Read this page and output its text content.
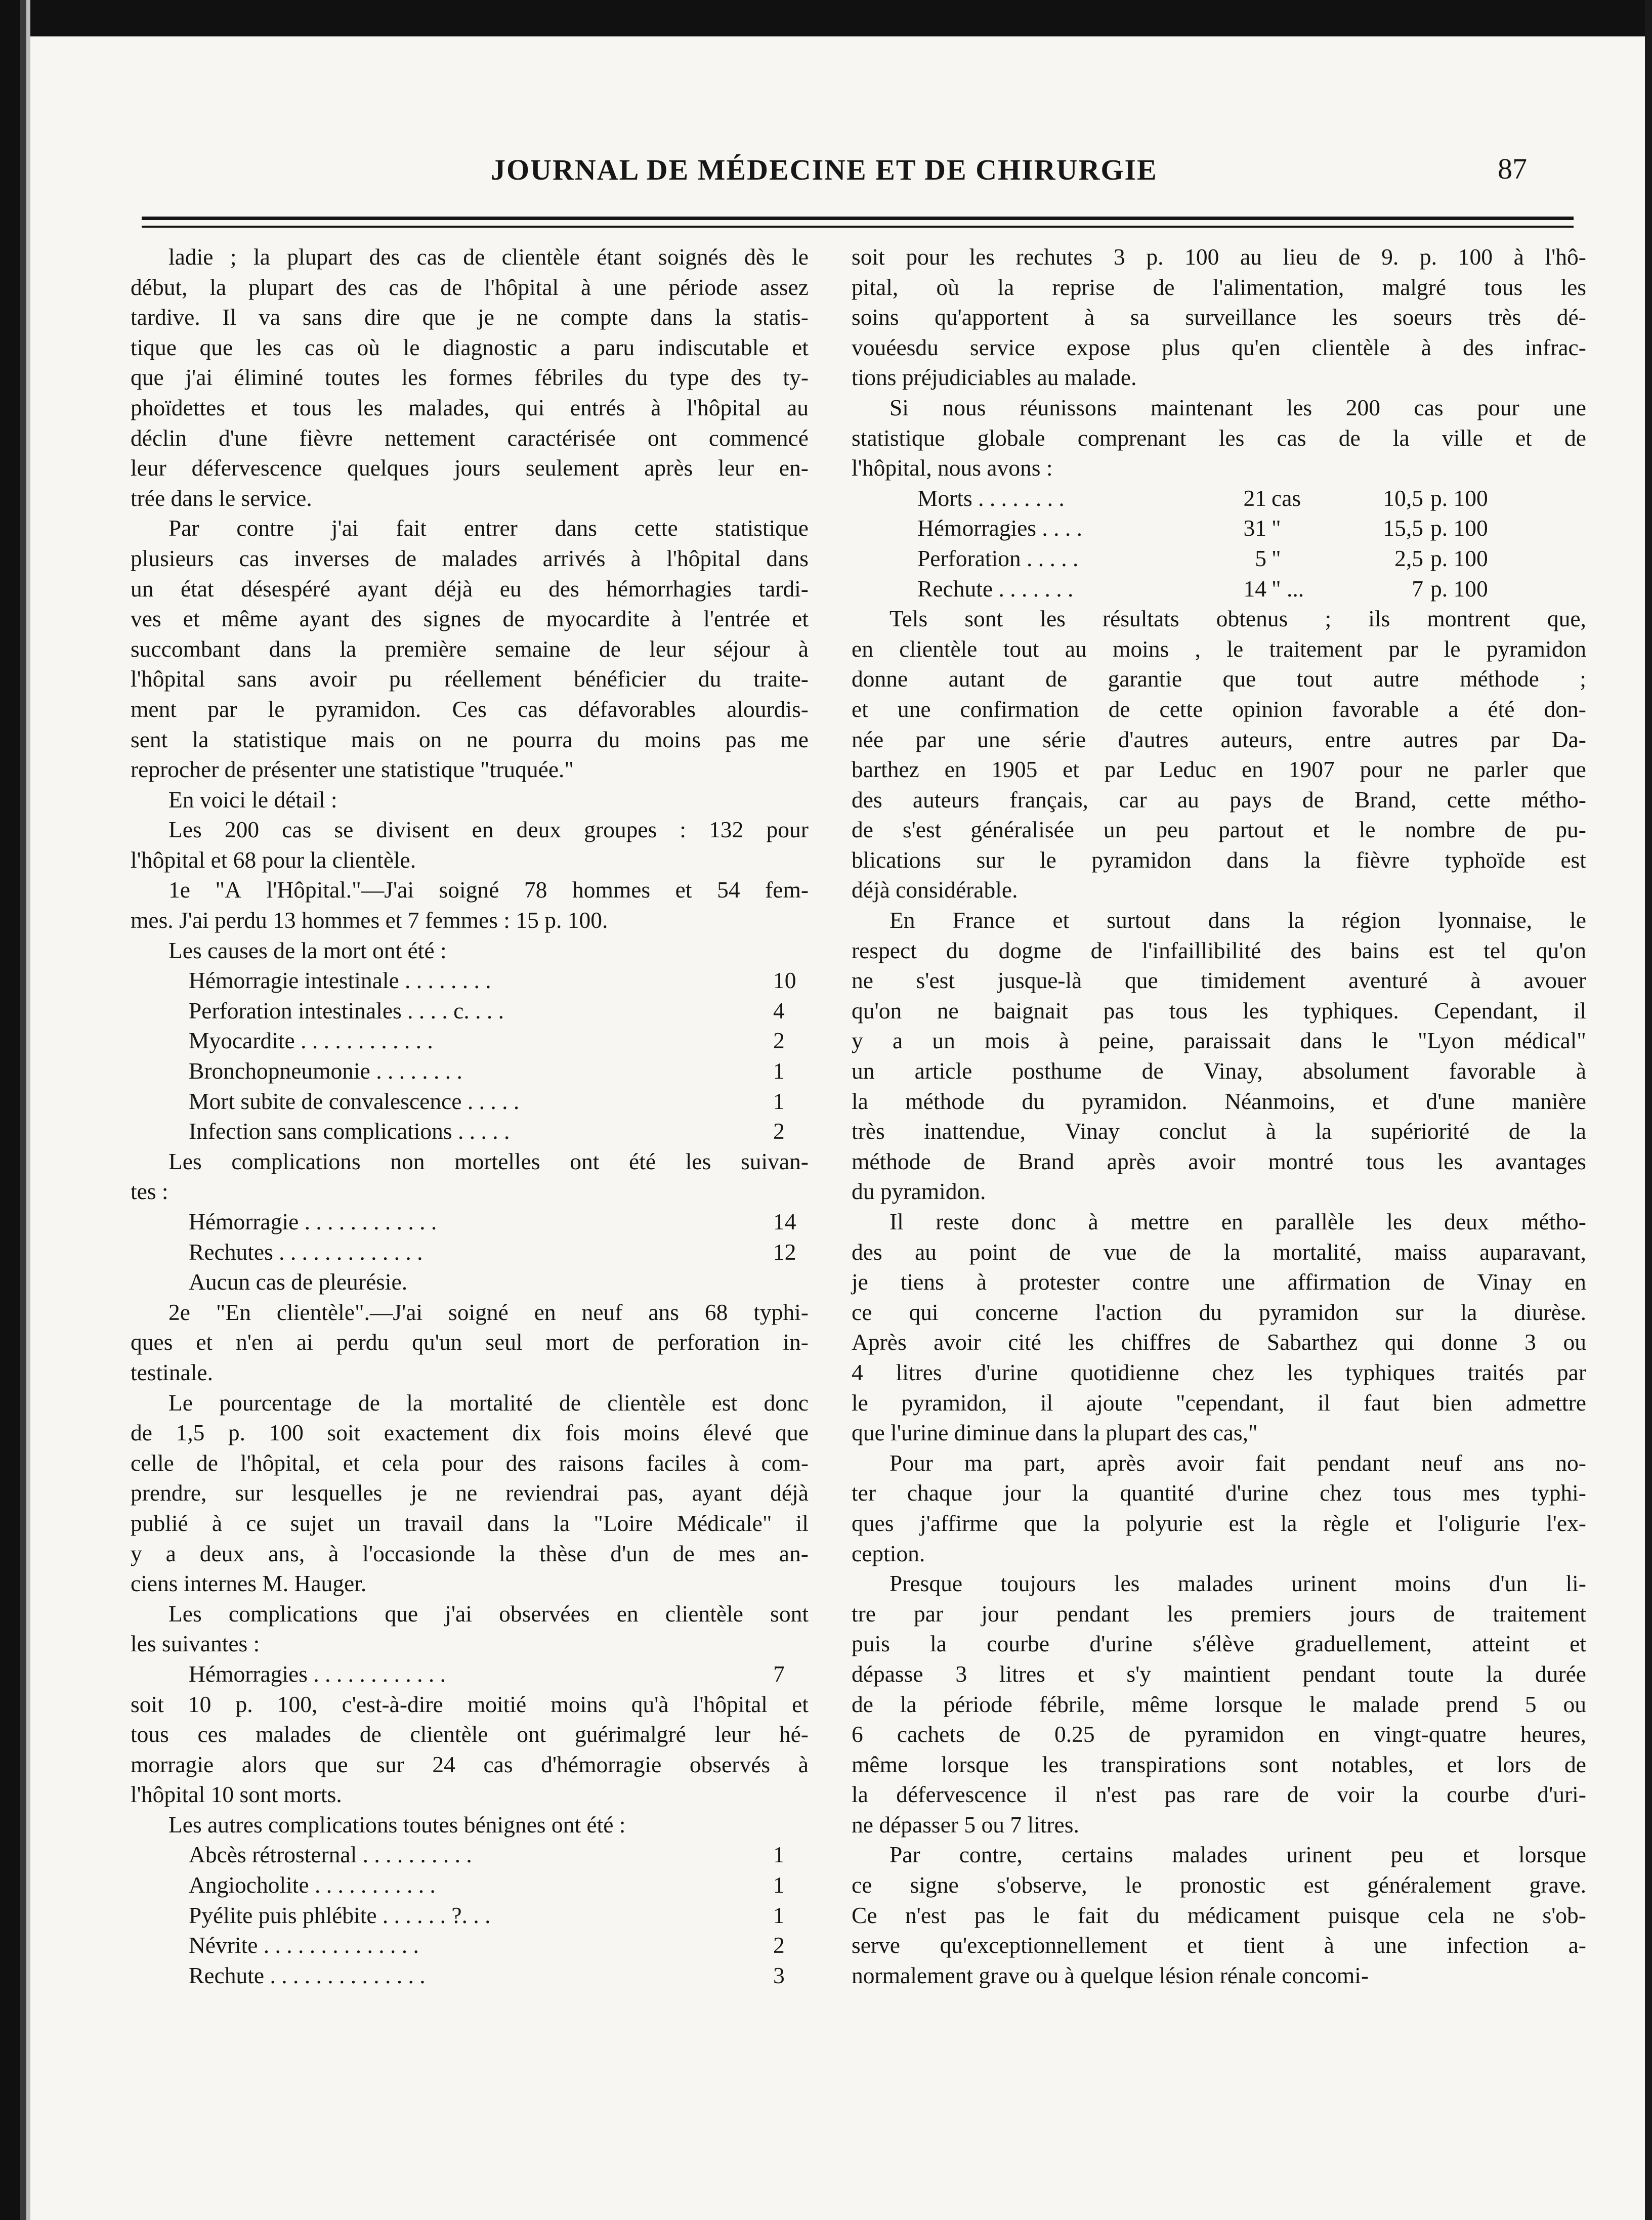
JOURNAL DE MÉDECINE ET DE CHIRURGIE	87
ladie ; la plupart des cas de clientèle étant soignés dès le
début, la plupart des cas de l'hôpital à une période assez
tardive. Il va sans dire que je ne compte dans la statis-
tique que les cas où le diagnostic a paru indiscutable et
que j'ai éliminé toutes les formes fébriles du type des ty-
phoïdettes et tous les malades, qui entrés à l'hôpital au
déclin d'une fièvre nettement caractérisée ont commencé
leur défervescence quelques jours seulement après leur en-
trée dans le service.
Par contre j'ai fait entrer dans cette statistique
plusieurs cas inverses de malades arrivés à l'hôpital dans
un état désespéré ayant déjà eu des hémorrhagies tardi-
ves et même ayant des signes de myocardite à l'entrée et
succombant dans la première semaine de leur séjour à
l'hôpital sans avoir pu réellement bénéficier du traite-
ment par le pyramidon. Ces cas défavorables alourdis-
sent la statistique mais on ne pourra du moins pas me
reprocher de présenter une statistique "truquée."
En voici le détail :
Les 200 cas se divisent en deux groupes : 132 pour
l'hôpital et 68 pour la clientèle.
1e "A l'Hôpital."—J'ai soigné 78 hommes et 54 fem-
mes. J'ai perdu 13 hommes et 7 femmes : 15 p. 100.
Les causes de la mort ont été :
Hémorragie intestinale . . . . . . . .	10
Perforation intestinales . . . . c. . . .	4
Myocardite . . . . . . . . . . . .	2
Bronchopneumonie . . . . . . . .	1
Mort subite de convalescence . . . . .	1
Infection sans complications . . . . .	2
Les complications non mortelles ont été les suivan-
tes :
Hémorragie . . . . . . . . . . . .	14
Rechutes . . . . . . . . . . . . .	12
Aucun cas de pleurésie.
2e "En clientèle".—J'ai soigné en neuf ans 68 typhi-
ques et n'en ai perdu qu'un seul mort de perforation in-
testinale.
Le pourcentage de la mortalité de clientèle est donc
de 1,5 p. 100 soit exactement dix fois moins élevé que
celle de l'hôpital, et cela pour des raisons faciles à com-
prendre, sur lesquelles je ne reviendrai pas, ayant déjà
publié à ce sujet un travail dans la "Loire Médicale" il
y a deux ans, à l'occasionde la thèse d'un de mes an-
ciens internes M. Hauger.
Les complications que j'ai observées en clientèle sont
les suivantes :
Hémorragies . . . . . . . . . . . .	7
soit 10 p. 100, c'est-à-dire moitié moins qu'à l'hôpital et
tous ces malades de clientèle ont guérimalgré leur hé-
morragie alors que sur 24 cas d'hémorragie observés à
l'hôpital 10 sont morts.
Les autres complications toutes bénignes ont été :
Abcès rétrosternal . . . . . . . . . .	1
Angiocholite . . . . . . . . . . .	1
Pyélite puis phlébite . . . . . . ?. . .	1
Névrite . . . . . . . . . . . . . .	2
Rechute . . . . . . . . . . . . . .	3
soit pour les rechutes 3 p. 100 au lieu de 9. p. 100 à l'hô-
pital, où la reprise de l'alimentation, malgré tous les
soins qu'apportent à sa surveillance les soeurs très dé-
vouéesdu service expose plus qu'en clientèle à des infrac-
tions préjudiciables au malade.
Si nous réunissons maintenant les 200 cas pour une
statistique globale comprenant les cas de la ville et de
l'hôpital, nous avons :
Morts . . . . . . . .	21 cas	10,5 p. 100
Hémorragies . . . .	31 "	15,5 p. 100
Perforation . . . . .	5 "	2,5 p. 100
Rechute . . . . . . .	14 " ...	7 p. 100
Tels sont les résultats obtenus ; ils montrent que,
en clientèle tout au moins , le traitement par le pyramidon
donne autant de garantie que tout autre méthode ;
et une confirmation de cette opinion favorable a été don-
née par une série d'autres auteurs, entre autres par Da-
barthez en 1905 et par Leduc en 1907 pour ne parler que
des auteurs français, car au pays de Brand, cette métho-
de s'est généralisée un peu partout et le nombre de pu-
blications sur le pyramidon dans la fièvre typhoïde est
déjà considérable.
En France et surtout dans la région lyonnaise, le
respect du dogme de l'infaillibilité des bains est tel qu'on
ne s'est jusque-là que timidement aventuré à avouer
qu'on ne baignait pas tous les typhiques. Cependant, il
y a un mois à peine, paraissait dans le "Lyon médical"
un article posthume de Vinay, absolument favorable à
la méthode du pyramidon. Néanmoins, et d'une manière
très inattendue, Vinay conclut à la supériorité de la
méthode de Brand après avoir montré tous les avantages
du pyramidon.
Il reste donc à mettre en parallèle les deux métho-
des au point de vue de la mortalité, maiss auparavant,
je tiens à protester contre une affirmation de Vinay en
ce qui concerne l'action du pyramidon sur la diurèse.
Après avoir cité les chiffres de Sabarthez qui donne 3 ou
4 litres d'urine quotidienne chez les typhiques traités par
le pyramidon, il ajoute "cependant, il faut bien admettre
que l'urine diminue dans la plupart des cas,"
Pour ma part, après avoir fait pendant neuf ans no-
ter chaque jour la quantité d'urine chez tous mes typhi-
ques j'affirme que la polyurie est la règle et l'oligurie l'ex-
ception.
Presque toujours les malades urinent moins d'un li-
tre par jour pendant les premiers jours de traitement
puis la courbe d'urine s'élève graduellement, atteint et
dépasse 3 litres et s'y maintient pendant toute la durée
de la période fébrile, même lorsque le malade prend 5 ou
6 cachets de 0.25 de pyramidon en vingt-quatre heures,
même lorsque les transpirations sont notables, et lors de
la défervescence il n'est pas rare de voir la courbe d'uri-
ne dépasser 5 ou 7 litres.
Par contre, certains malades urinent peu et lorsque
ce signe s'observe, le pronostic est généralement grave.
Ce n'est pas le fait du médicament puisque cela ne s'ob-
serve qu'exceptionnellement et tient à une infection a-
normalement grave ou à quelque lésion rénale concomi-
